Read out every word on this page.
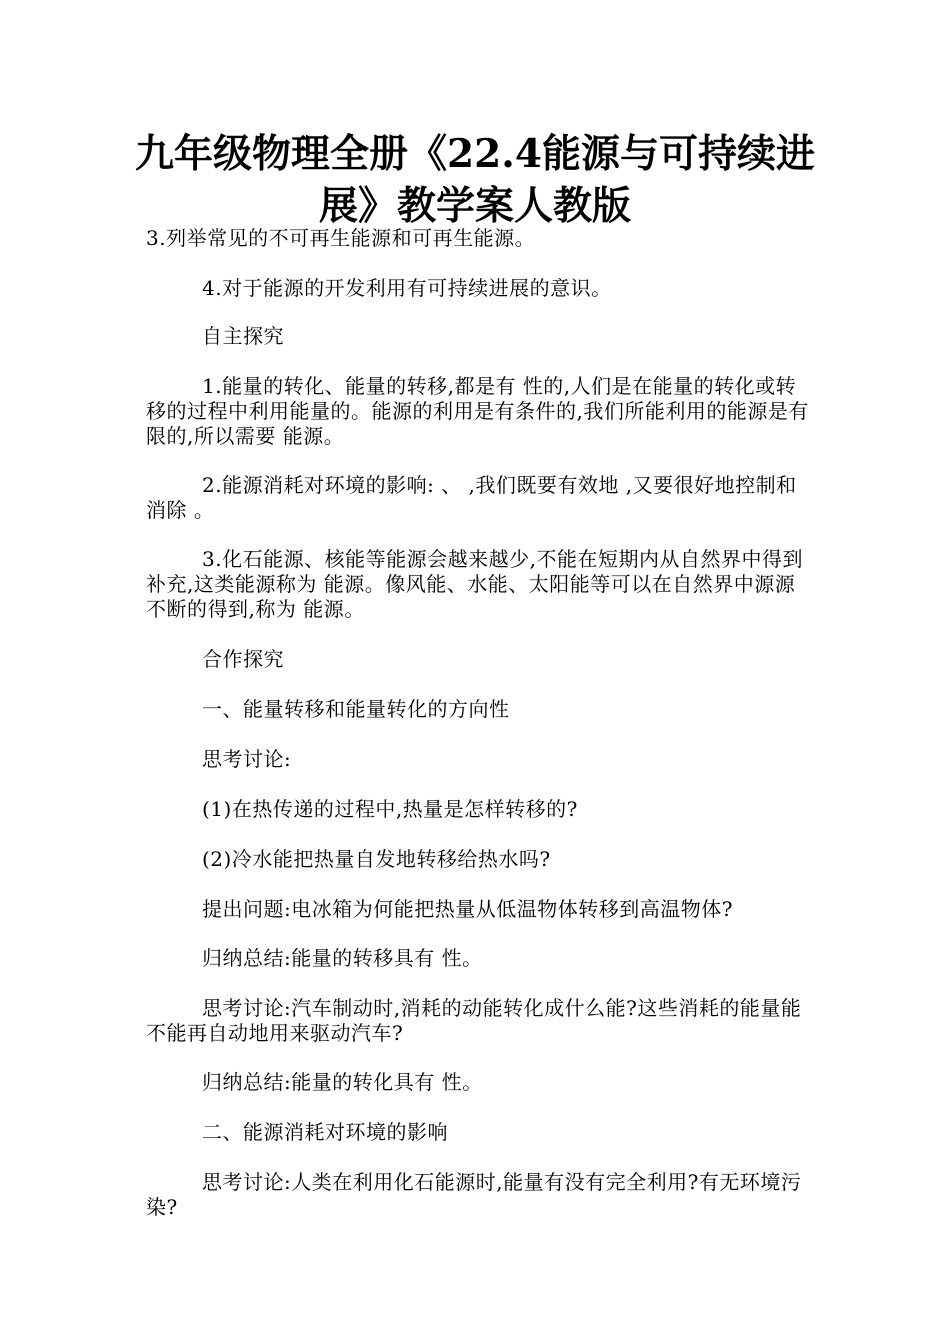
九年级物理全册《22.4能源与可持续进展》教学案人教版

3.列举常见的不可再生能源和可再生能源。

4.对于能源的开发利用有可持续进展的意识。

自主探究

1.能量的转化、能量的转移,都是有 性的,人们是在能量的转化或转移的过程中利用能量的。能源的利用是有条件的,我们所能利用的能源是有限的,所以需要 能源。

2.能源消耗对环境的影响: 、 ,我们既要有效地 ,又要很好地控制和消除 。

3.化石能源、核能等能源会越来越少,不能在短期内从自然界中得到补充,这类能源称为 能源。像风能、水能、太阳能等可以在自然界中源源不断的得到,称为 能源。

合作探究

一、能量转移和能量转化的方向性

思考讨论:

(1)在热传递的过程中,热量是怎样转移的?

(2)冷水能把热量自发地转移给热水吗?

提出问题:电冰箱为何能把热量从低温物体转移到高温物体?

归纳总结:能量的转移具有 性。

思考讨论:汽车制动时,消耗的动能转化成什么能?这些消耗的能量能不能再自动地用来驱动汽车?

归纳总结:能量的转化具有 性。

二、能源消耗对环境的影响

思考讨论:人类在利用化石能源时,能量有没有完全利用?有无环境污染?
